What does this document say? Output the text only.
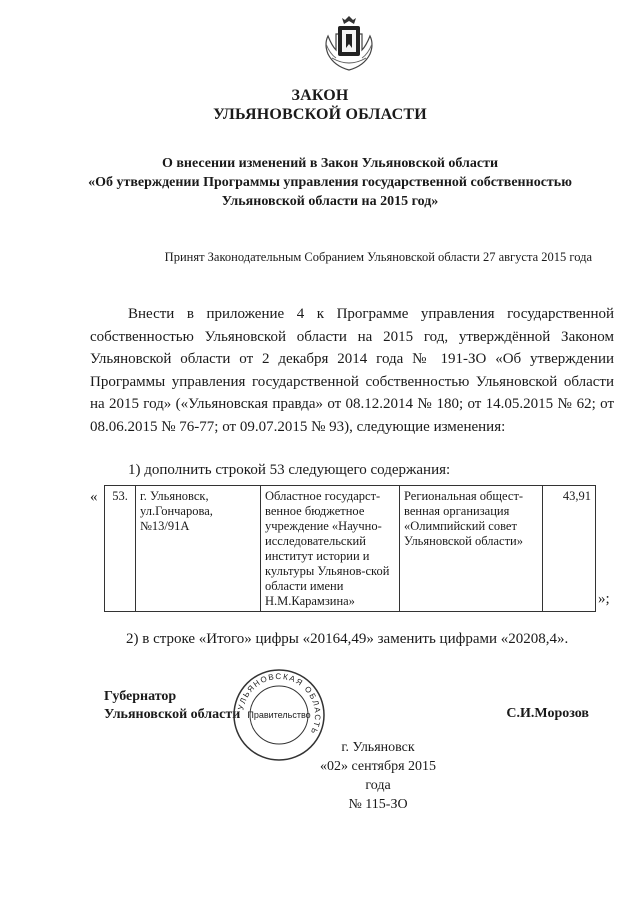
ЗАКОН
УЛЬЯНОВСКОЙ ОБЛАСТИ
О внесении изменений в Закон Ульяновской области
«Об утверждении Программы управления государственной собственностью
Ульяновской области на 2015 год»
Принят Законодательным Собранием Ульяновской области 27 августа 2015 года
Внести в приложение 4 к Программе управления государственной собственностью Ульяновской области на 2015 год, утверждённой Законом Ульяновской области от 2 декабря 2014 года № 191-ЗО «Об утверждении Программы управления государственной собственностью Ульяновской области на 2015 год» («Ульяновская правда» от 08.12.2014 № 180; от 14.05.2015 № 62; от 08.06.2015 № 76-77; от 09.07.2015 № 93), следующие изменения:
1) дополнить строкой 53 следующего содержания:
« 53.	г. Ульяновск, ул.Гончарова, №13/91А	Областное государст-венное бюджетное учреждение «Научно-исследовательский институт истории и культуры Ульянов-ской области имени Н.М.Карамзина»	Региональная общест-венная организация «Олимпийский совет Ульяновской области»	43,91
»;
2) в строке «Итого» цифры «20164,49» заменить цифрами «20208,4».
Губернатор
Ульяновской области
УЛЬЯНОВСКАЯ ОБЛАСТЬ
Правительство	С.И.Морозов
г. Ульяновск
«02» сентября 2015 года
№ 115-ЗО
